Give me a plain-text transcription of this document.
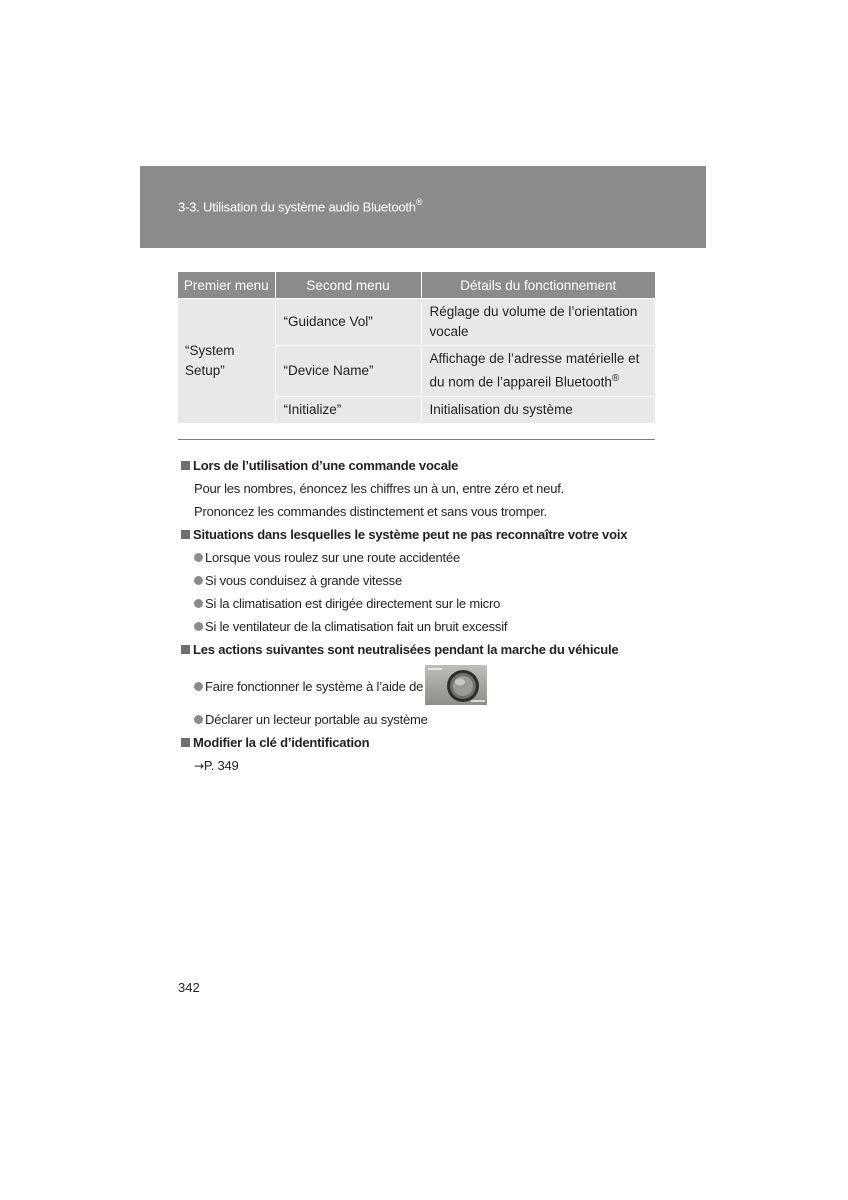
3-3. Utilisation du système audio Bluetooth®
Premier menu	Second menu	Détails du fonctionnement
“System Setup”	“Guidance Vol”	Réglage du volume de l’orientation vocale
	“Device Name”	Affichage de l’adresse matérielle et du nom de l’appareil Bluetooth®
	“Initialize”	Initialisation du système
Lors de l’utilisation d’une commande vocale
Pour les nombres, énoncez les chiffres un à un, entre zéro et neuf.
Prononcez les commandes distinctement et sans vous tromper.
Situations dans lesquelles le système peut ne pas reconnaître votre voix
Lorsque vous roulez sur une route accidentée
Si vous conduisez à grande vitesse
Si la climatisation est dirigée directement sur le micro
Si le ventilateur de la climatisation fait un bruit excessif
Les actions suivantes sont neutralisées pendant la marche du véhicule
Faire fonctionner le système à l’aide de
Déclarer un lecteur portable au système
Modifier la clé d’identification
→P. 349
342
